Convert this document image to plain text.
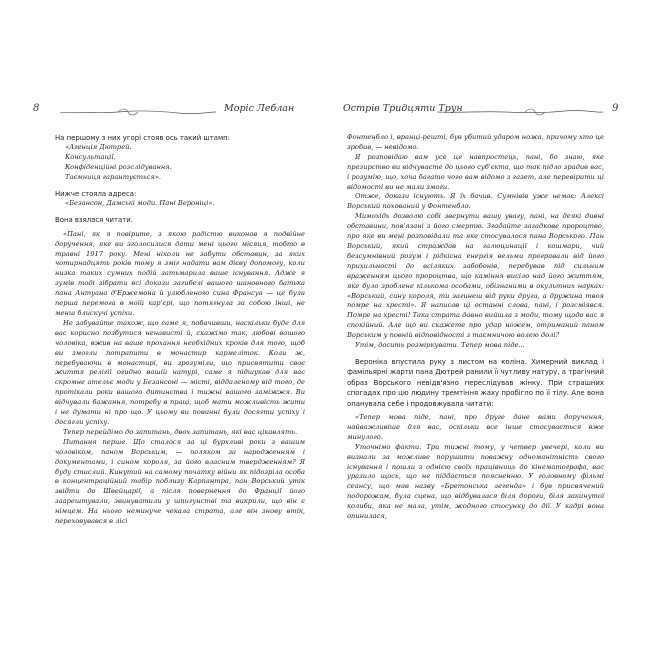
8	Моріс Леблан

На першому з них угорі стояв ось такий штамп:

«Агенція Дютрей.

Консультації.

Конфіденційні розслідування.

Таємниця гарантується».

Нижче стояла адреса:

«Безансон, Дамські моди. Пані Вероніці».

Вона взялася читати.

«Пані, як я повірите, з якою радістю виконав я подвійне доручення, яке ви зголосилися дати мені цього місяця, тобто в травні 1917 року. Мені ніколи не забути обставин, за яких чотирнадцять років тому я зміг надати вам дієву допомогу, коли низка таких сумних подій затьмарила ваше існування. Адже я зумів тоді зібрати всі докази загибелі вашого шановного батька пана Антуана д'Ержемона й улюбленого сина Франсуа — це була перша перемога в моїй кар'єрі, що потягнула за собою інші, не менш блискучі успіхи.

Не забувайте також, що саме я, побачивши, наскільки буде для вас корисно позбутися ненависті й, скажімо так, любові вашого чоловіка, вжив на ваше прохання необхідних кроків для того, щоб ви змогли потрапити в монастир кармеліток. Коли ж, перебуваючи в монастирі, ви зрозуміли, що присвятити своє життя релігії огидно вашій натурі, саме я підшукав для вас скромне ательє моди у Безансоні — місті, віддаленому від того, де протікали роки вашого дитинства і тижні вашого заміжжя. Ви відчували бажання, потребу в праці, щоб мати можливість жити і не думати ні про що. У цьому ви повинні були досягти успіху і досягли успіху.

Тепер перейдімо до запитань, двох запитань, які вас цікавлять.

Питання перше. Що сталося за ці бурхливі роки з вашим чоловіком, паном Ворським, — поляком за народженням і документами, і сином короля, за його власним твердженням? Я буду стислий. Кинутий на самому початку війни як підозріла особа в концентраційний табір поблизу Карпантра, пан Ворський утік звідти до Швейцарії, а після повернення до Франції його заарештували, звинуватили у шпигунстві та викрили, що він є німцем. На нього неминуче чекала страта, але він знову втік, переховувався в лісі

Острів Тридцяти Трун	9

Фонтенбло і, вранці-рештi, був убитий ударом ножа, причому хто це зробив, — невідомо.

Я розповідаю вам усе це навпростець, пані, бо знаю, яке презирство ви відчуваєте до цього суб'єкта, що так підло зрадив вас, і розумію, що, хоча багато чого вам відомо з газет, але перевірити ці відомості ви не мали змоги.

Отже, докази існують. Я їх бачив. Сумнівів уже немає: Алексі Ворський похований у Фонтенбло.

Мимохідь дозволю собі звернути вашу увагу, пані, на деякі дивні обставини, пов'язані з його смертю. Згадайте загадкове пророцтво, про яке ви мені розповідали та яке стосувалося пана Ворського. Пан Ворський, який страждав на галюцинації і кошмари, чий безсумнівний розум і рідкісна енергія вельми програвали від його прихильності до всіляких забобонів, перебував під сильним враженням цього пророцтва, що каміння висіло над його життям, яке було зроблене кількома особами, обізнаними в окультних науках: «Ворський, сину короля, ти загинеш від руки друга, а дружина твоя помре на хресті». Я написав ці останні слова, пані, і розсміявся. Помре на хресті! Така страта давно вийшла з моди, тому щодо вас я спокійний. Але що ви скажете про удар ножем, отриманий паном Ворським у повній відповідності з таємничою волею долі?

Утім, досить розміркувати. Тепер мова піде...

Вероніка впустила руку з листом на коліна. Химерний виклад і фамільярні жарти пана Дютрей ранили її чутливу натуру, а трагічний образ Ворського невідв'язно переслідував жінку. При страшних спогадах про цю людину тремтіння жаху пробігло по її тілу. Але вона опанувала себе і продовжувала читати:

«Тепер мова піде, пані, про друге дане вами доручення, найважливіше для вас, оскільки все інше стосувається вже минулого.

Уточнімо факти. Три тижні тому, у четвер увечері, коли ви визнали за можливе порушити поважну одноманітність свого існування і пошли з однією своїх працівниць до кінематографа, вас уразило щось, що не піддається поясненню. У головному фільмі сеансу, що мав назву «Бретонська легенда» і був присвячений подорожам, була сцена, що відбувалася біля дороги, біля закинутої колиби, яка не мала, утім, жодного стосунку до дії. У кадрі вона опинилася,
